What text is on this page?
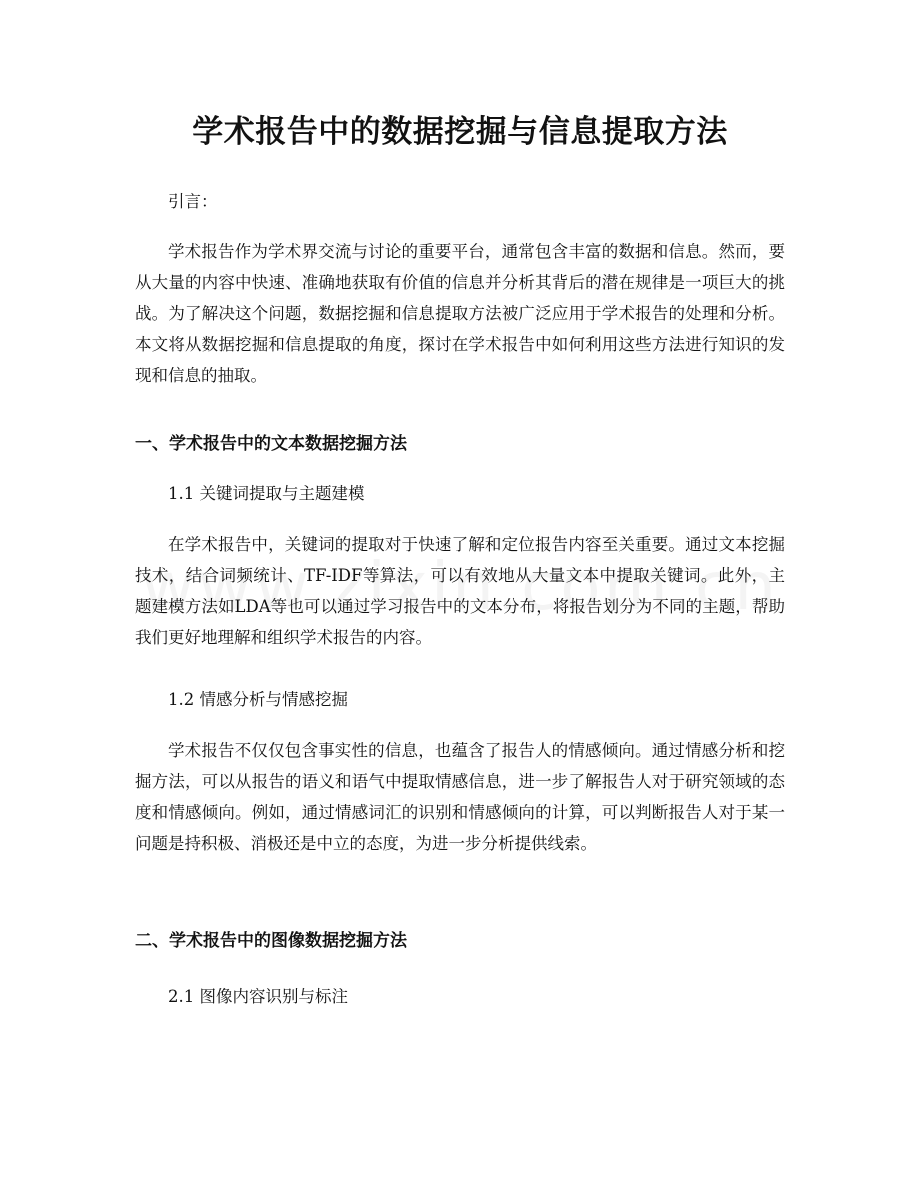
学术报告中的数据挖掘与信息提取方法

引言：

学术报告作为学术界交流与讨论的重要平台，通常包含丰富的数据和信息。然而，要从大量的内容中快速、准确地获取有价值的信息并分析其背后的潜在规律是一项巨大的挑战。为了解决这个问题，数据挖掘和信息提取方法被广泛应用于学术报告的处理和分析。本文将从数据挖掘和信息提取的角度，探讨在学术报告中如何利用这些方法进行知识的发现和信息的抽取。

一、学术报告中的文本数据挖掘方法

1.1 关键词提取与主题建模

在学术报告中，关键词的提取对于快速了解和定位报告内容至关重要。通过文本挖掘技术，结合词频统计、TF-IDF等算法，可以有效地从大量文本中提取关键词。此外，主题建模方法如LDA等也可以通过学习报告中的文本分布，将报告划分为不同的主题，帮助我们更好地理解和组织学术报告的内容。

1.2 情感分析与情感挖掘

学术报告不仅仅包含事实性的信息，也蕴含了报告人的情感倾向。通过情感分析和挖掘方法，可以从报告的语义和语气中提取情感信息，进一步了解报告人对于研究领域的态度和情感倾向。例如，通过情感词汇的识别和情感倾向的计算，可以判断报告人对于某一问题是持积极、消极还是中立的态度，为进一步分析提供线索。

二、学术报告中的图像数据挖掘方法

2.1 图像内容识别与标注
